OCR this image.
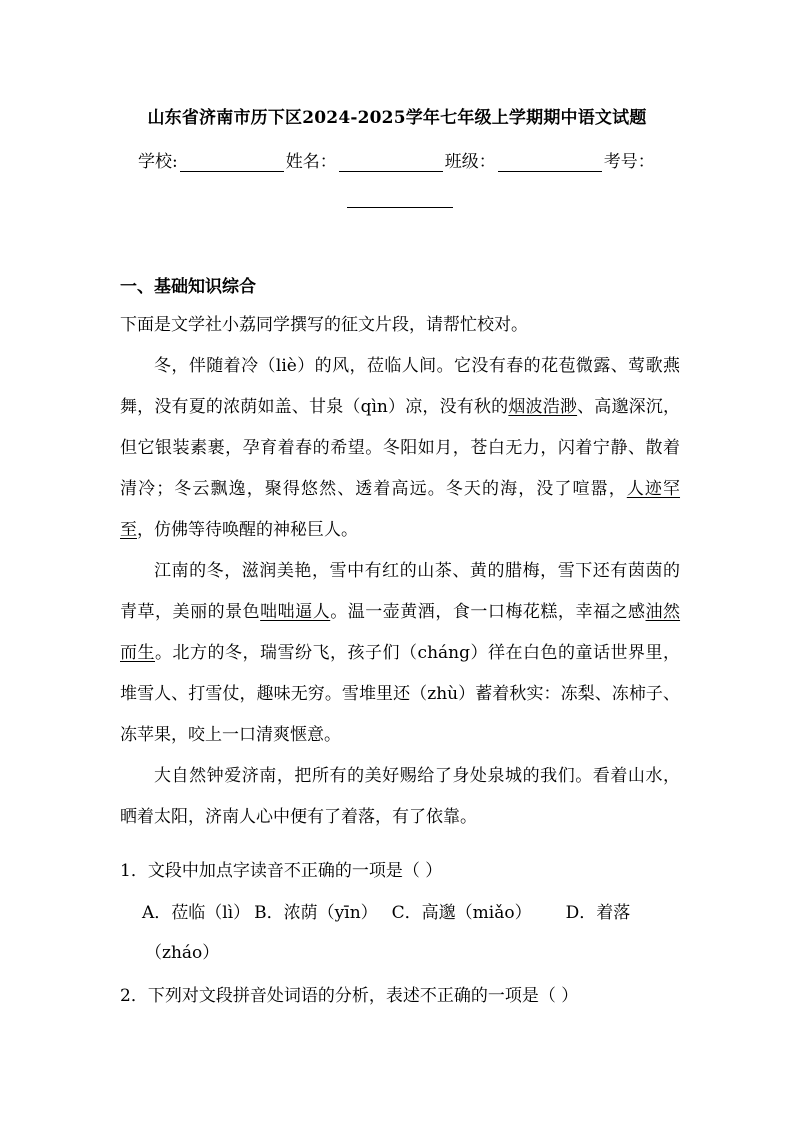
山东省济南市历下区2024-2025学年七年级上学期期中语文试题
学校:	姓名：	班级：	考号：
一、基础知识综合

下面是文学社小荔同学撰写的征文片段，请帮忙校对。

冬，伴随着冷（liè）的风，莅临人间。它没有春的花苞微露、莺歌燕舞，没有夏的浓荫如盖、甘泉（qìn）凉，没有秋的烟波浩渺、高邈深沉，但它银装素裹，孕育着春的希望。冬阳如月，苍白无力，闪着宁静、散着清冷；冬云飘逸，聚得悠然、透着高远。冬天的海，没了喧嚣，人迹罕至，仿佛等待唤醒的神秘巨人。

江南的冬，滋润美艳，雪中有红的山茶、黄的腊梅，雪下还有茵茵的青草，美丽的景色咄咄逼人。温一壶黄酒，食一口梅花糕，幸福之感油然而生。北方的冬，瑞雪纷飞，孩子们（cháng）徉在白色的童话世界里，堆雪人、打雪仗，趣味无穷。雪堆里还（zhù）蓄着秋实：冻梨、冻柿子、冻苹果，咬上一口清爽惬意。

大自然钟爱济南，把所有的美好赐给了身处泉城的我们。看着山水，晒着太阳，济南人心中便有了着落，有了依靠。

1．文段中加点字读音不正确的一项是（ ）
A．莅临（lì） B．浓荫（yīn） C．高邈（miǎo） D．着落
（zháo）
2．下列对文段拼音处词语的分析，表述不正确的一项是（ ）
